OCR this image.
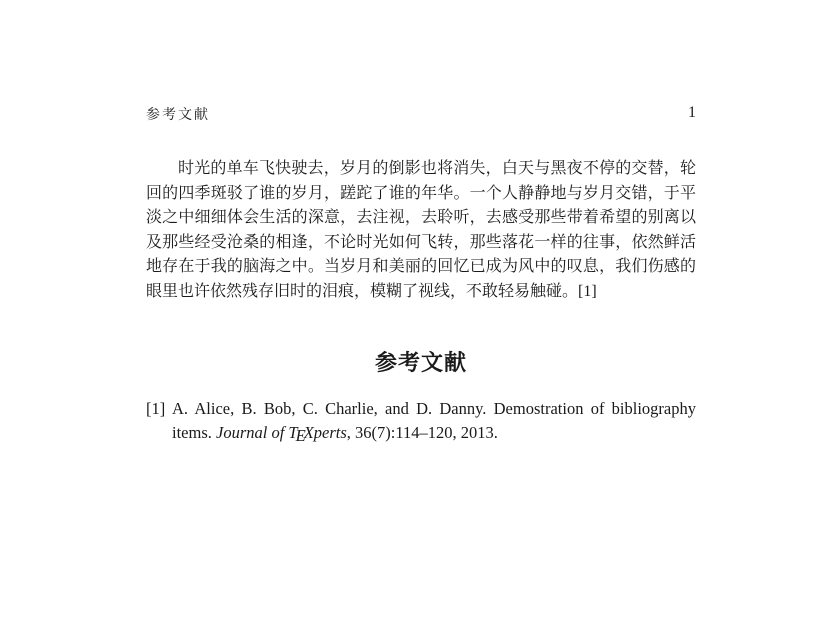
参考文献	1

时光的单车飞快驶去，岁月的倒影也将消失，白天与黑夜不停的交替，轮回的四季斑驳了谁的岁月，蹉跎了谁的年华。一个人静静地与岁月交错，于平淡之中细细体会生活的深意，去注视，去聆听，去感受那些带着希望的别离以及那些经受沧桑的相逢，不论时光如何飞转，那些落花一样的往事，依然鲜活地存在于我的脑海之中。当岁月和美丽的回忆已成为风中的叹息，我们伤感的眼里也许依然残存旧时的泪痕，模糊了视线，不敢轻易触碰。[1]

参考文献
[1] A. Alice, B. Bob, C. Charlie, and D. Danny. Demostration of bibliography items. Journal of TEXperts, 36(7):114–120, 2013.
